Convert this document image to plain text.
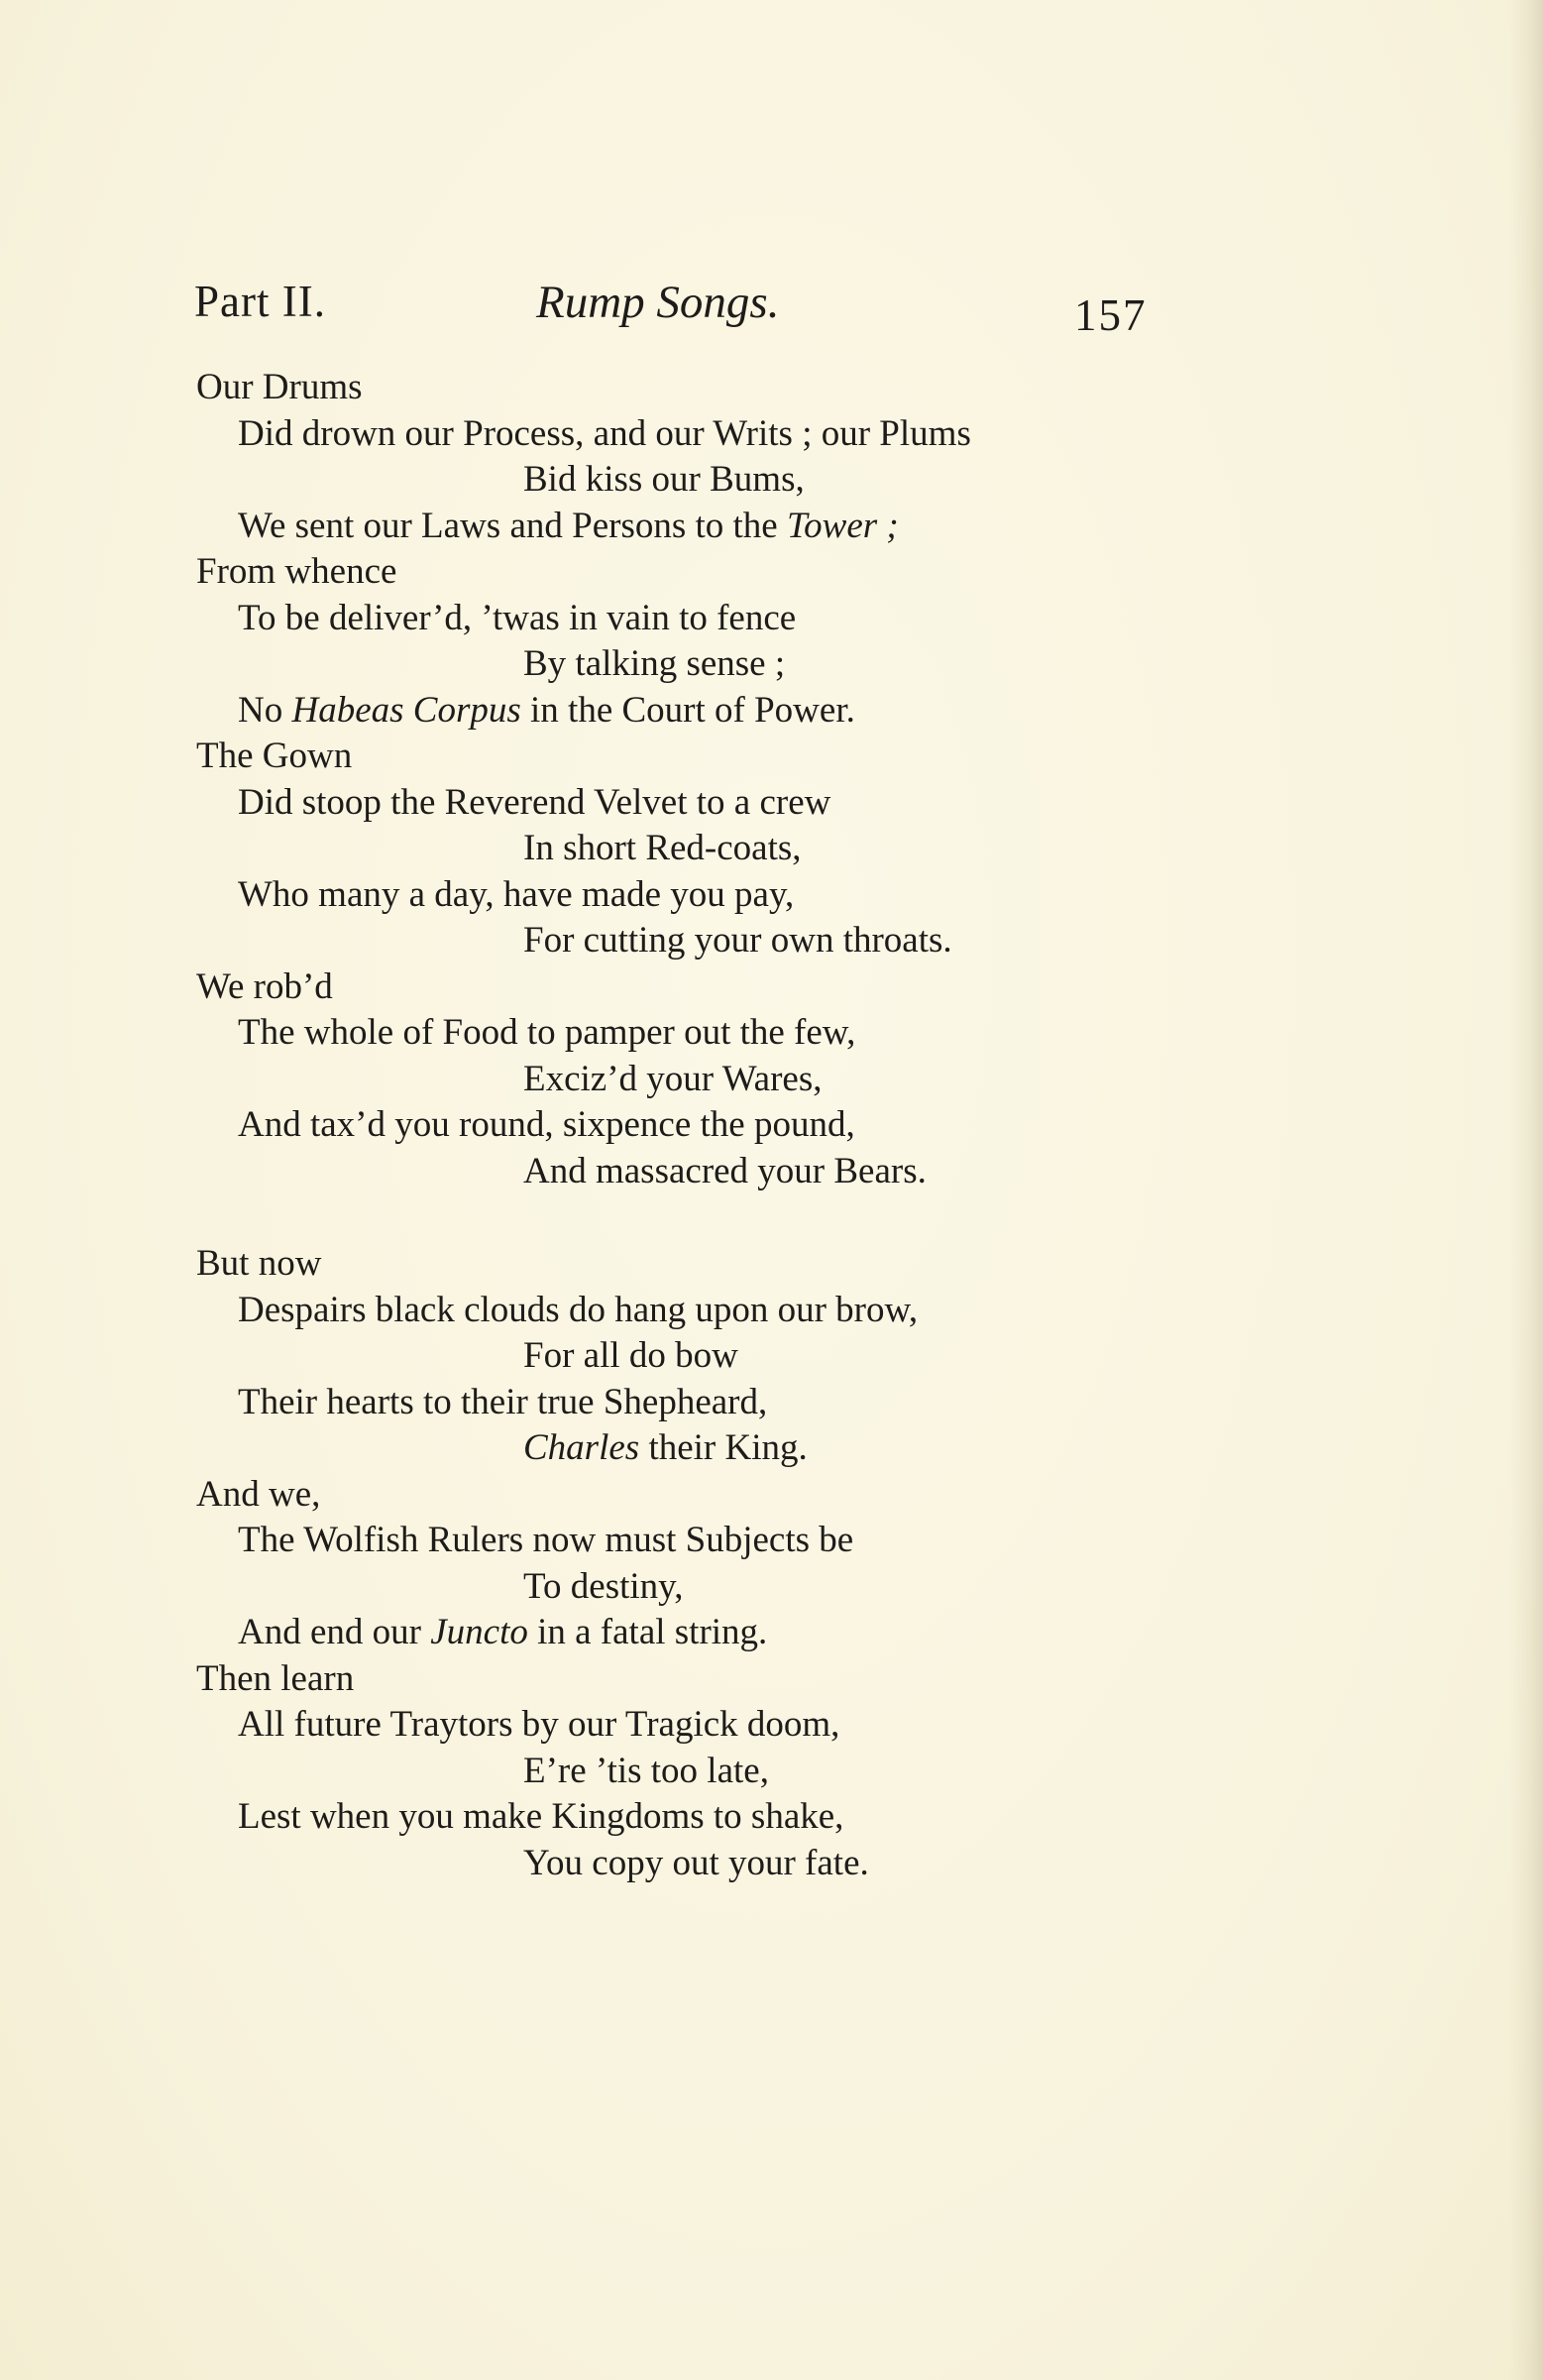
Part II.	Rump Songs.	157
Our Drums
Did drown our Process, and our Writs ; our Plums
Bid kiss our Bums,
We sent our Laws and Persons to the Tower ;
From whence
To be deliver’d, ’twas in vain to fence
By talking sense ;
No Habeas Corpus in the Court of Power.
The Gown
Did stoop the Reverend Velvet to a crew
In short Red-coats,
Who many a day, have made you pay,
For cutting your own throats.
We rob’d
The whole of Food to pamper out the few,
Exciz’d your Wares,
And tax’d you round, sixpence the pound,
And massacred your Bears.
But now
Despairs black clouds do hang upon our brow,
For all do bow
Their hearts to their true Shepheard,
Charles their King.
And we,
The Wolfish Rulers now must Subjects be
To destiny,
And end our Juncto in a fatal string.
Then learn
All future Traytors by our Tragick doom,
E’re ’tis too late,
Lest when you make Kingdoms to shake,
You copy out your fate.
